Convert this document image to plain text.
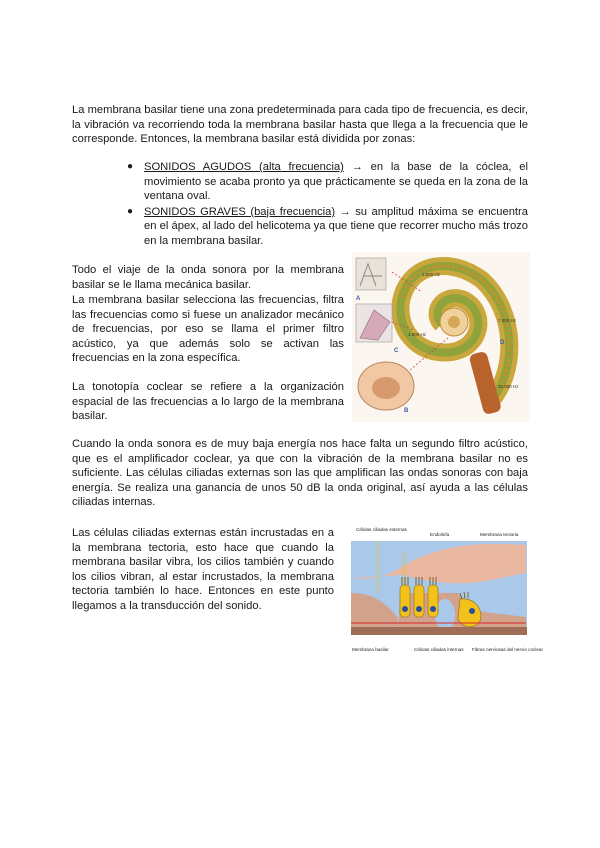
La membrana basilar tiene una zona predeterminada para cada tipo de frecuencia, es decir, la vibración va recorriendo toda la membrana basilar hasta que llega a la frecuencia que le corresponde. Entonces, la membrana basilar está dividida por zonas:

● SONIDOS AGUDOS (alta frecuencia) → en la base de la cóclea, el movimiento se acaba pronto ya que prácticamente se queda en la zona de la ventana oval.
● SONIDOS GRAVES (baja frecuencia) → su amplitud máxima se encuentra en el ápex, al lado del helicotema ya que tiene que recorrer mucho más trozo en la membrana basilar.

Todo el viaje de la onda sonora por la membrana basilar se le llama mecánica basilar.

La membrana basilar selecciona las frecuencias, filtra las frecuencias como si fuese un analizador mecánico de frecuencias, por eso se llama el primer filtro acústico, ya que además solo se activan las frecuencias en la zona específica.

La tonotopía coclear se refiere a la organización espacial de las frecuencias a lo largo de la membrana basilar.

3.000 Hz
20.000 Hz
1.500 Hz
7.000 Hz
A
B
C
D

Cuando la onda sonora es de muy baja energía nos hace falta un segundo filtro acústico, que es el amplificador coclear, ya que con la vibración de la membrana basilar no es suficiente. Las células ciliadas externas son las que amplifican las ondas sonoras con baja energía. Se realiza una ganancia de unos 50 dB la onda original, así ayuda a las células ciliadas internas.

Las células ciliadas externas están incrustadas en a la membrana tectoria, esto hace que cuando la membrana basilar vibra, los cilios también y cuando los cilios vibran, al estar incrustados, la membrana tectoria también lo hace. Entonces en este punto llegamos a la transducción del sonido.

Células ciliadas externas
Endolinfa	Membrana tectoria
Membrana basilar	Células ciliadas internas Fibras nerviosas del nervio coclear
